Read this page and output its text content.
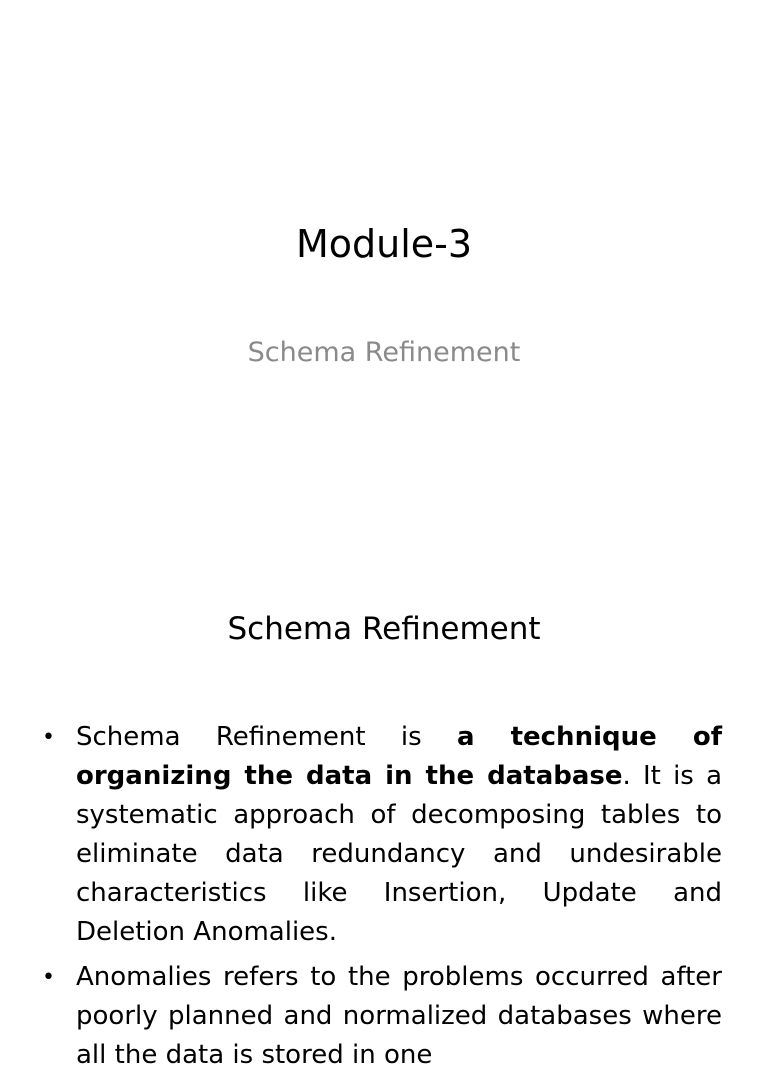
Module-3
Schema Refinement
Schema Refinement
• Schema Refinement is a technique of organizing the data in the database. It is a systematic approach of decomposing tables to eliminate data redundancy and undesirable characteristics like Insertion, Update and Deletion Anomalies.
• Anomalies refers to the problems occurred after poorly planned and normalized databases where all the data is stored in one
